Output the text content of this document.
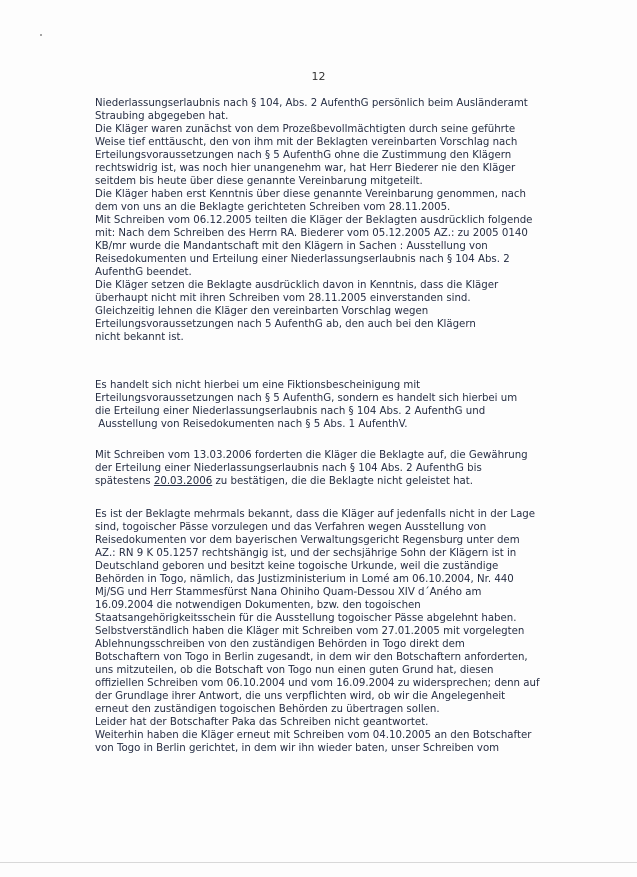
12
Niederlassungserlaubnis nach § 104, Abs. 2 AufenthG persönlich beim Ausländeramt
Straubing abgegeben hat.
Die Kläger waren zunächst von dem Prozeßbevollmächtigten durch seine geführte
Weise tief enttäuscht, den von ihm mit der Beklagten vereinbarten Vorschlag nach
Erteilungsvoraussetzungen nach § 5 AufenthG ohne die Zustimmung den Klägern
rechtswidrig ist, was noch hier unangenehm war, hat Herr Biederer nie den Kläger
seitdem bis heute über diese genannte Vereinbarung mitgeteilt.
Die Kläger haben erst Kenntnis über diese genannte Vereinbarung genommen, nach
dem von uns an die Beklagte gerichteten Schreiben vom 28.11.2005.
Mit Schreiben vom 06.12.2005 teilten die Kläger der Beklagten ausdrücklich folgende
mit: Nach dem Schreiben des Herrn RA. Biederer vom 05.12.2005 AZ.: zu 2005 0140
KB/mr wurde die Mandantschaft mit den Klägern in Sachen : Ausstellung von
Reisedokumenten und Erteilung einer Niederlassungserlaubnis nach § 104 Abs. 2
AufenthG beendet.
Die Kläger setzen die Beklagte ausdrücklich davon in Kenntnis, dass die Kläger
überhaupt nicht mit ihren Schreiben vom 28.11.2005 einverstanden sind.
Gleichzeitig lehnen die Kläger den vereinbarten Vorschlag wegen
Erteilungsvoraussetzungen nach 5 AufenthG ab, den auch bei den Klägern
nicht bekannt ist.
Es handelt sich nicht hierbei um eine Fiktionsbescheinigung mit
Erteilungsvoraussetzungen nach § 5 AufenthG, sondern es handelt sich hierbei um
die Erteilung einer Niederlassungserlaubnis nach § 104 Abs. 2 AufenthG und
Ausstellung von Reisedokumenten nach § 5 Abs. 1 AufenthV.
Mit Schreiben vom 13.03.2006 forderten die Kläger die Beklagte auf, die Gewährung
der Erteilung einer Niederlassungserlaubnis nach § 104 Abs. 2 AufenthG bis
spätestens 20.03.2006 zu bestätigen, die die Beklagte nicht geleistet hat.
Es ist der Beklagte mehrmals bekannt, dass die Kläger auf jedenfalls nicht in der Lage
sind, togoischer Pässe vorzulegen und das Verfahren wegen Ausstellung von
Reisedokumenten vor dem bayerischen Verwaltungsgericht Regensburg unter dem
AZ.: RN 9 K 05.1257 rechtshängig ist, und der sechsjährige Sohn der Klägern ist in
Deutschland geboren und besitzt keine togoische Urkunde, weil die zuständige
Behörden in Togo, nämlich, das Justizministerium in Lomé am 06.10.2004, Nr. 440
Mj/SG und Herr Stammesfürst Nana Ohiniho Quam-Dessou XIV d´Aného am
16.09.2004 die notwendigen Dokumenten, bzw. den togoischen
Staatsangehörigkeitsschein für die Ausstellung togoischer Pässe abgelehnt haben.
Selbstverständlich haben die Kläger mit Schreiben vom 27.01.2005 mit vorgelegten
Ablehnungsschreiben von den zuständigen Behörden in Togo direkt dem
Botschaftern von Togo in Berlin zugesandt, in dem wir den Botschaftern anforderten,
uns mitzuteilen, ob die Botschaft von Togo nun einen guten Grund hat, diesen
offiziellen Schreiben vom 06.10.2004 und vom 16.09.2004 zu widersprechen; denn auf
der Grundlage ihrer Antwort, die uns verpflichten wird, ob wir die Angelegenheit
erneut den zuständigen togoischen Behörden zu übertragen sollen.
Leider hat der Botschafter Paka das Schreiben nicht geantwortet.
Weiterhin haben die Kläger erneut mit Schreiben vom 04.10.2005 an den Botschafter
von Togo in Berlin gerichtet, in dem wir ihn wieder baten, unser Schreiben vom
